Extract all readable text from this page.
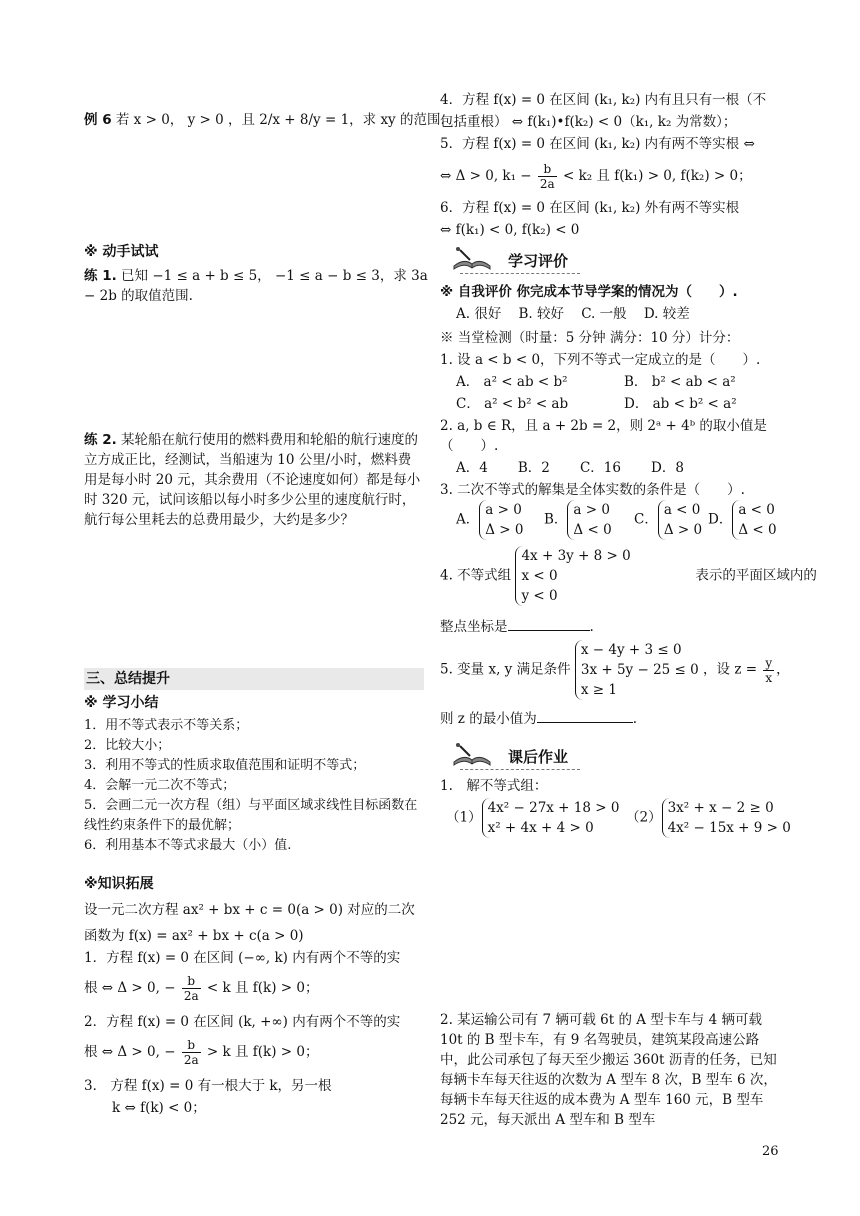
例 6 若 x > 0， y > 0 ，且 2/x + 8/y = 1，求 xy 的范围.
※ 动手试试
练 1. 已知 −1 ≤ a + b ≤ 5， −1 ≤ a − b ≤ 3，求 3a − 2b 的取值范围.
练 2. 某轮船在航行使用的燃料费用和轮船的航行速度的立方成正比，经测试，当船速为 10 公里/小时，燃料费用是每小时 20 元，其余费用（不论速度如何）都是每小时 320 元，试问该船以每小时多少公里的速度航行时，航行每公里耗去的总费用最少，大约是多少？
三、总结提升
※ 学习小结
1．用不等式表示不等关系；
2．比较大小；
3．利用不等式的性质求取值范围和证明不等式；
4．会解一元二次不等式；
5．会画二元一次方程（组）与平面区域求线性目标函数在线性约束条件下的最优解；
6．利用基本不等式求最大（小）值.
※知识拓展
设一元二次方程 ax² + bx + c = 0(a > 0) 对应的二次
函数为 f(x) = ax² + bx + c(a > 0)
1．方程 f(x) = 0 在区间 (−∞, k) 内有两个不等的实
根 ⇔ Δ > 0, − $\frac{b}{2a} < k$ 且 f(k) > 0；
2．方程 f(x) = 0 在区间 (k, +∞) 内有两个不等的实
根 ⇔ Δ > 0, − $\frac{b}{2a} > k$ 且 f(k) > 0；
3． 方程 f(x) = 0 有一根大于 k，另一根
k ⇔ f(k) < 0；
4．方程 f(x) = 0 在区间 (k₁, k₂) 内有且只有一根（不
包括重根） ⇔ f(k₁)•f(k₂) < 0（k₁, k₂ 为常数）；
5．方程 f(x) = 0 在区间 (k₁, k₂) 内有两不等实根 ⇔
⇔ Δ > 0, $k_1 - \frac{b}{2a} < k_2$ 且 f(k₁) > 0, f(k₂) > 0；
6．方程 f(x) = 0 在区间 (k₁, k₂) 外有两不等实根
⇔ f(k₁) < 0, f(k₂) < 0
学习评价
※ 自我评价 你完成本节导学案的情况为（　　）.
A. 很好 B. 较好 C. 一般 D. 较差
※ 当堂检测（时量：5 分钟 满分：10 分）计分：
1. 设 a < b < 0，下列不等式一定成立的是（　　）.
A． a² < ab < b²	B． b² < ab < a²
C． a² < b² < ab	D． ab < b² < a²
2. a, b ∈ R，且 a + 2b = 2，则 2ᵃ + 4ᵇ 的取小值是
（　　）.
A．4 B．2 C．16 D．8
3. 二次不等式的解集是全体实数的条件是（　　）.
A．a > 0
Δ > 0
B．a > 0
Δ < 0
C．a < 0
Δ > 0
D．a < 0
Δ < 0
4. 不等式组 4x + 3y + 8 > 0
x < 0
y < 0  表示的平面区域内的
整点坐标是	.
5. 变量 x, y 满足条件 x − 4y + 3 ≤ 0
3x + 5y − 25 ≤ 0
x ≥ 1 ，设 $z = \frac{y}{x}$ ，
则 z 的最小值为	.
课后作业
1.　解不等式组：
（1）4x² − 27x + 18 > 0
x² + 4x + 4 > 0
（2）3x² + x − 2 ≥ 0
4x² − 15x + 9 > 0
2. 某运输公司有 7 辆可载 6t 的 A 型卡车与 4 辆可载 10t 的 B 型卡车，有 9 名驾驶员，建筑某段高速公路中，此公司承包了每天至少搬运 360t 沥青的任务，已知每辆卡车每天往返的次数为 A 型车 8 次，B 型车 6 次，每辆卡车每天往返的成本费为 A 型车 160 元，B 型车 252 元，每天派出 A 型车和 B 型车
26
